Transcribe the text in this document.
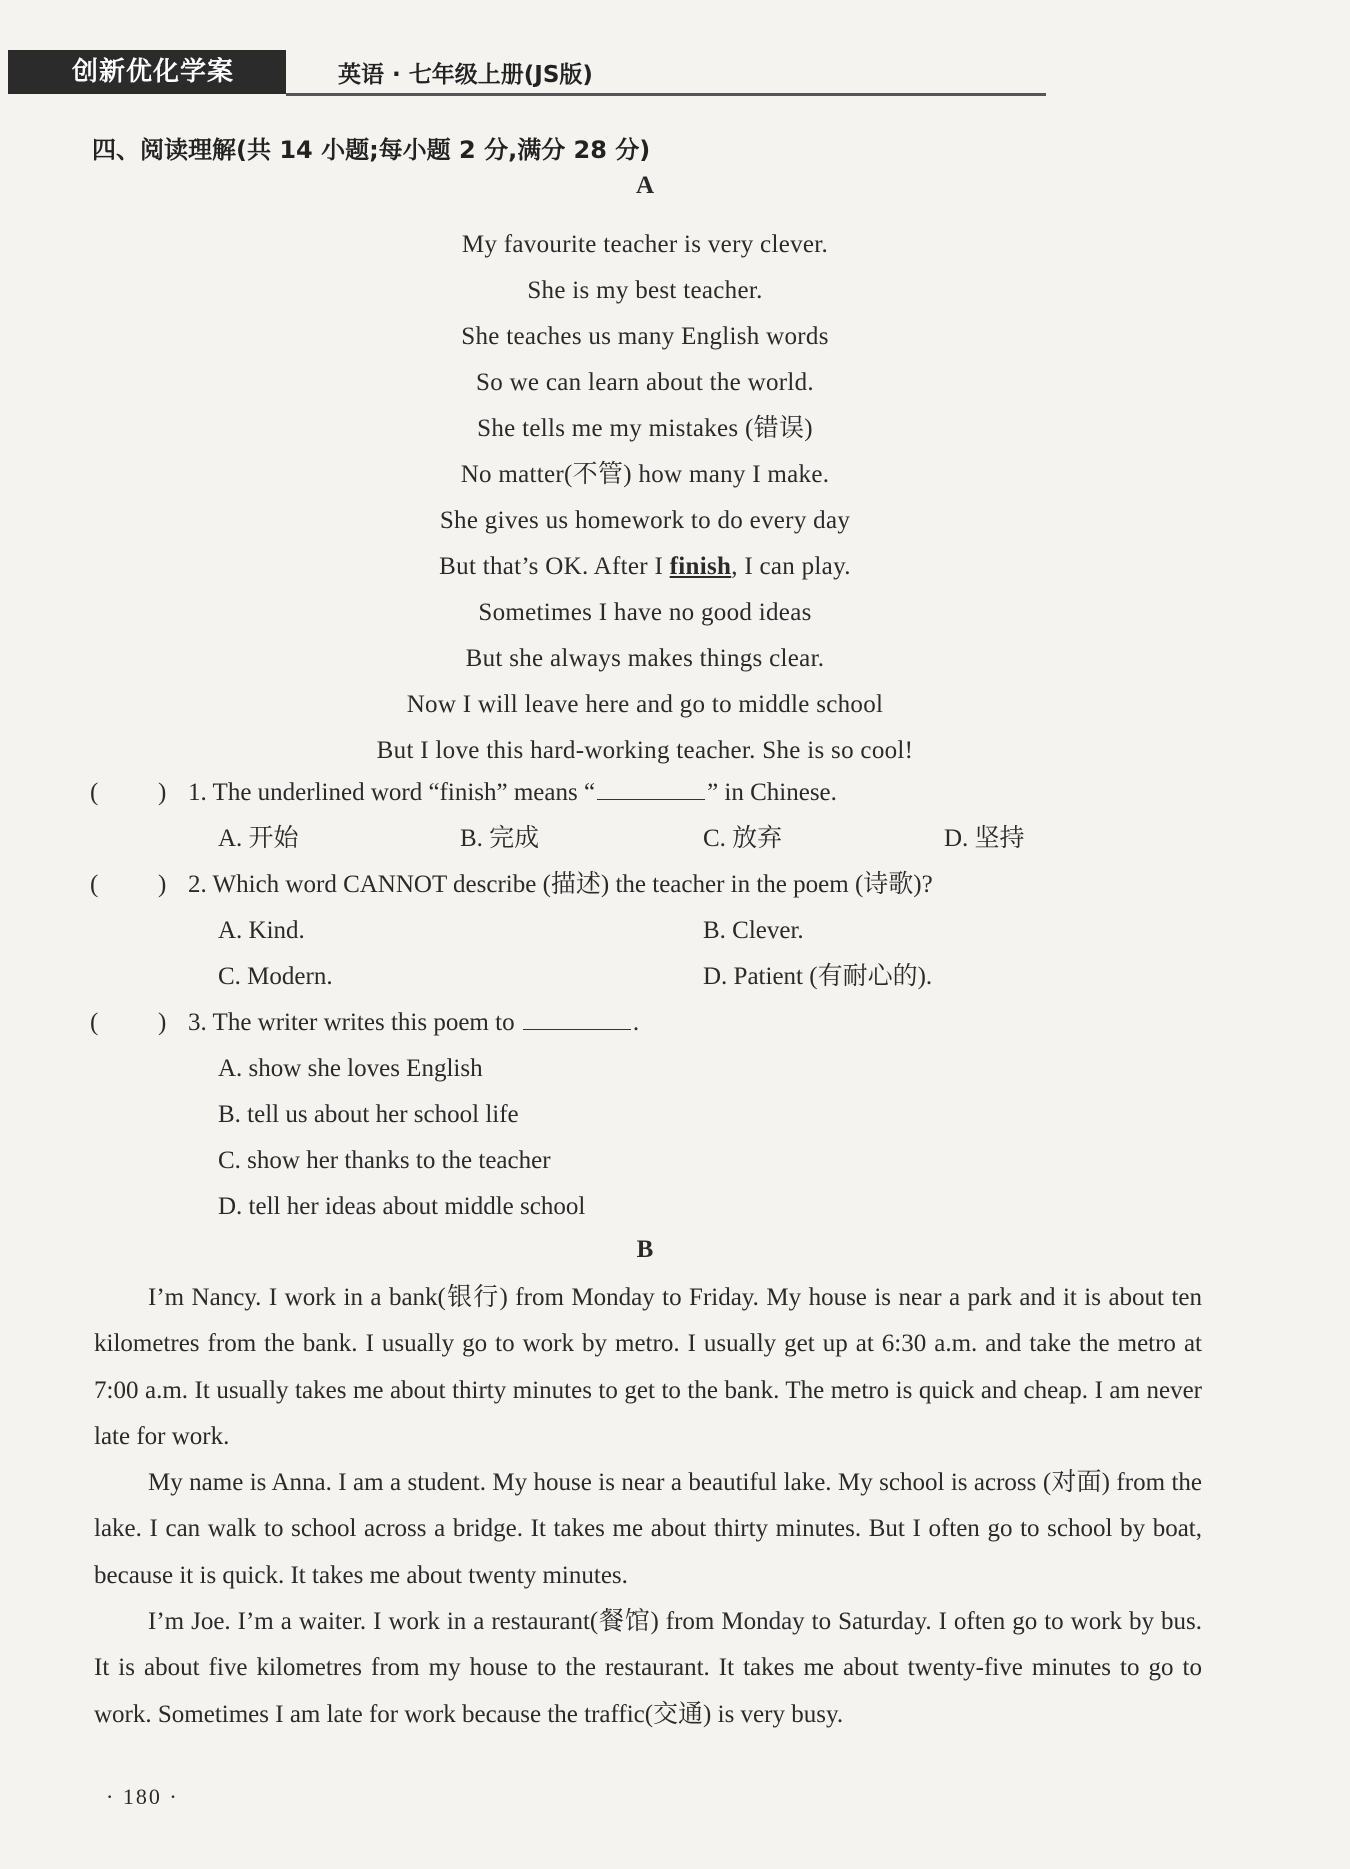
创新优化学案	英语 · 七年级上册(JS版)
四、阅读理解(共 14 小题;每小题 2 分,满分 28 分)
A
My favourite teacher is very clever.
She is my best teacher.
She teaches us many English words
So we can learn about the world.
She tells me my mistakes (错误)
No matter(不管) how many I make.
She gives us homework to do every day
But that’s OK. After I finish, I can play.
Sometimes I have no good ideas
But she always makes things clear.
Now I will leave here and go to middle school
But I love this hard-working teacher. She is so cool!
( ) 1. The underlined word “finish” means “	” in Chinese.
A. 开始	B. 完成	C. 放弃	D. 坚持
( ) 2. Which word CANNOT describe (描述) the teacher in the poem (诗歌)?
A. Kind.	B. Clever.
C. Modern.	D. Patient (有耐心的).
( ) 3. The writer writes this poem to	.
A. show she loves English
B. tell us about her school life
C. show her thanks to the teacher
D. tell her ideas about middle school
B

I’m Nancy. I work in a bank(银行) from Monday to Friday. My house is near a park and it is about ten kilometres from the bank. I usually go to work by metro. I usually get up at 6:30 a.m. and take the metro at 7:00 a.m. It usually takes me about thirty minutes to get to the bank. The metro is quick and cheap. I am never late for work.

My name is Anna. I am a student. My house is near a beautiful lake. My school is across (对面) from the lake. I can walk to school across a bridge. It takes me about thirty minutes. But I often go to school by boat, because it is quick. It takes me about twenty minutes.

I’m Joe. I’m a waiter. I work in a restaurant(餐馆) from Monday to Saturday. I often go to work by bus. It is about five kilometres from my house to the restaurant. It takes me about twenty-five minutes to go to work. Sometimes I am late for work because the traffic(交通) is very busy.

· 180 ·
